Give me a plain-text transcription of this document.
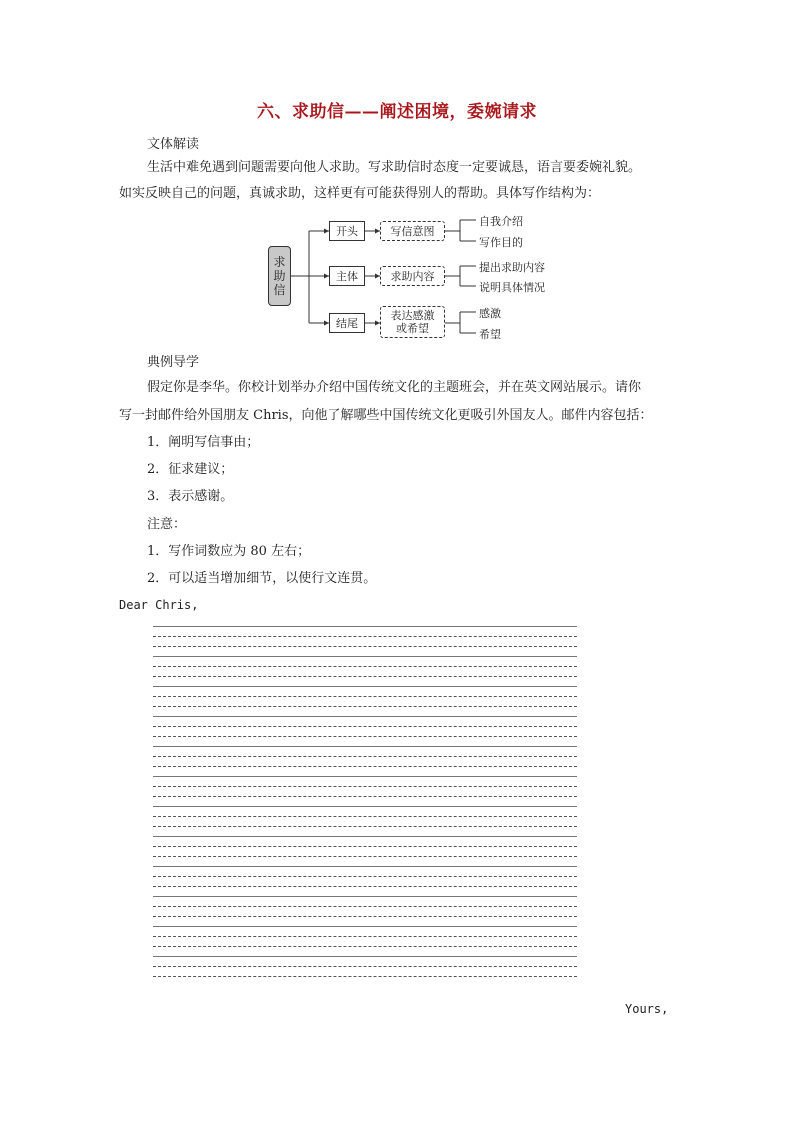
六、求助信——阐述困境，委婉请求
文体解读
生活中难免遇到问题需要向他人求助。写求助信时态度一定要诚恳，语言要委婉礼貌。
如实反映自己的问题，真诚求助，这样更有可能获得别人的帮助。具体写作结构为：
求
助
信
开头
主体
结尾
写信意图
求助内容
表达感激
或希望
自我介绍
写作目的
提出求助内容
说明具体情况
感激
希望
典例导学
假定你是李华。你校计划举办介绍中国传统文化的主题班会，并在英文网站展示。请你
写一封邮件给外国朋友 Chris，向他了解哪些中国传统文化更吸引外国友人。邮件内容包括：
1．阐明写信事由；
2．征求建议；
3．表示感谢。
注意：
1．写作词数应为 80 左右；
2．可以适当增加细节，以使行文连贯。
Dear Chris,
Yours,
